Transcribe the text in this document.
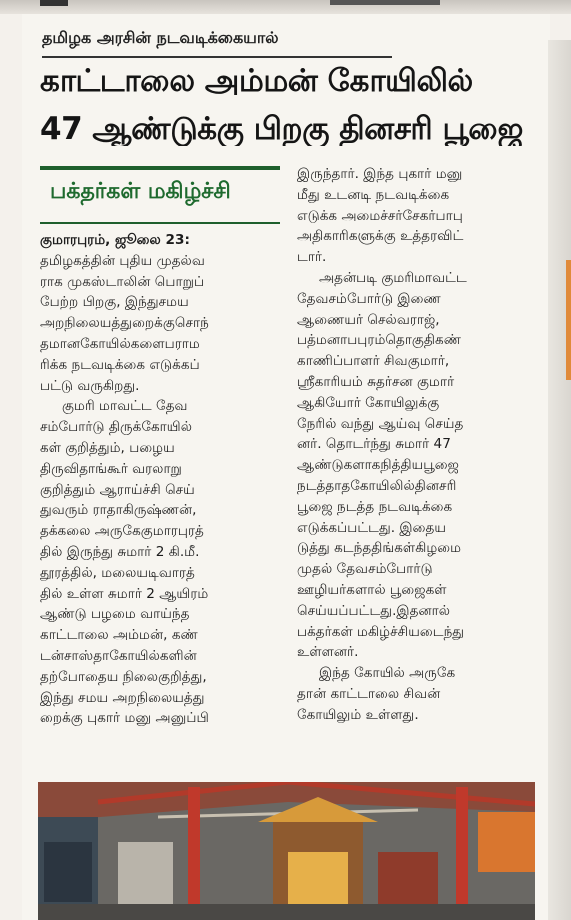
தமிழக அரசின் நடவடிக்கையால்
காட்டாலை அம்மன் கோயிலில்
47 ஆண்டுக்கு பிறகு தினசரி பூஜை
பக்தர்கள் மகிழ்ச்சி
குமாரபுரம், ஜூலை 23:
தமிழகத்தின் புதிய முதல்வ
ராக முகஸ்டாலின் பொறுப்
பேற்ற பிறகு, இந்துசமய
அறநிலையத்துறைக்குசொந்
தமானகோயில்களைபராம
ரிக்க நடவடிக்கை எடுக்கப்
பட்டு வருகிறது.
குமரி மாவட்ட தேவ
சம்போர்டு திருக்கோயில்
கள் குறித்தும், பழைய
திருவிதாங்கூர் வரலாறு
குறித்தும் ஆராய்ச்சி செய்
துவரும் ராதாகிருஷ்ணன்,
தக்கலை அருகேகுமாரபுரத்
தில் இருந்து சுமார் 2 கி.மீ.
தூரத்தில், மலையடிவாரத்
தில் உள்ள சுமார் 2 ஆயிரம்
ஆண்டு பழமை வாய்ந்த
காட்டாலை அம்மன், கண்
டன்சாஸ்தாகோயில்களின்
தற்போதைய நிலைகுறித்து,
இந்து சமய அறநிலையத்து
றைக்கு புகார் மனு அனுப்பி
இருந்தார். இந்த புகார் மனு
மீது உடனடி நடவடிக்கை
எடுக்க அமைச்சர்சேகர்பாபு
அதிகாரிகளுக்கு உத்தரவிட்
டார்.
அதன்படி குமரிமாவட்ட
தேவசம்போர்டு இணை
ஆணையர் செல்வராஜ்,
பத்மனாபபுரம்தொகுதிகண்
காணிப்பாளர் சிவகுமார்,
ஸ்ரீகாரியம் சுதர்சன குமார்
ஆகியோர் கோயிலுக்கு
நேரில் வந்து ஆய்வு செய்த
னர். தொடர்ந்து சுமார் 47
ஆண்டுகளாகநித்தியபூஜை
நடத்தாதகோயிலில்தினசரி
பூஜை நடத்த நடவடிக்கை
எடுக்கப்பட்டது. இதைய
டுத்து கடந்ததிங்கள்கிழமை
முதல் தேவசம்போர்டு
ஊழியர்களால் பூஜைகள்
செய்யப்பட்டது.இதனால்
பக்தர்கள் மகிழ்ச்சியடைந்து
உள்ளனர்.
இந்த கோயில் அருகே
தான் காட்டாலை சிவன்
கோயிலும் உள்ளது.
